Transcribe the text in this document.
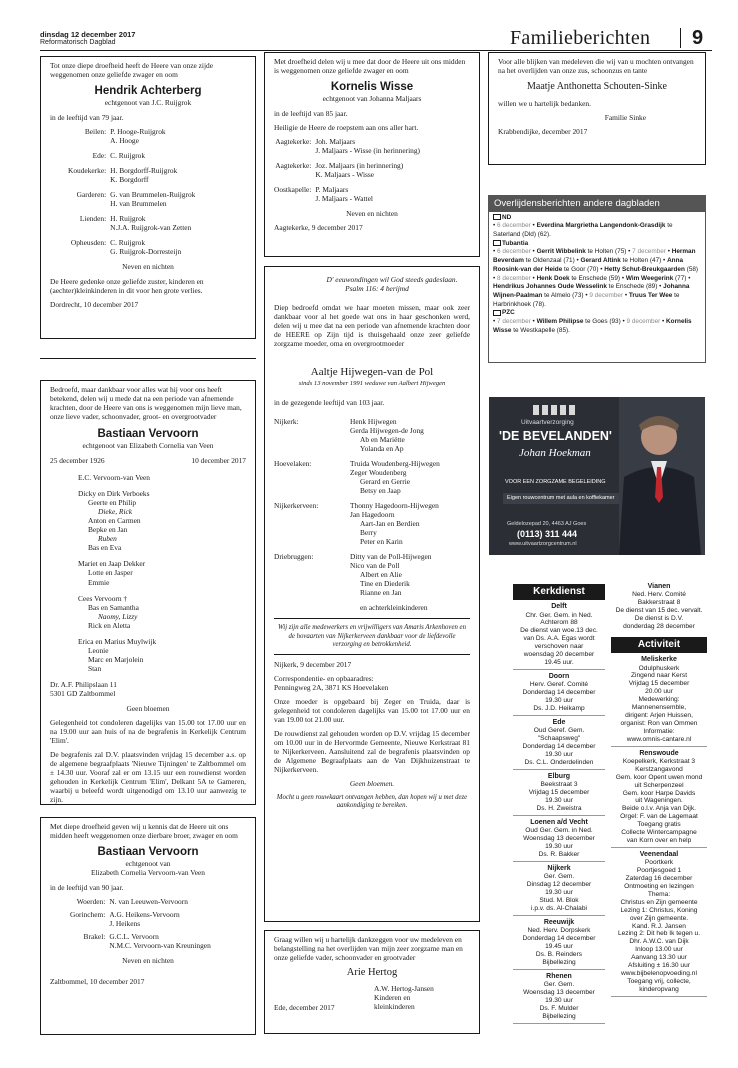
dinsdag 12 december 2017
Reformatorisch Dagblad	Familieberichten 9
Tot onze diepe droefheid heeft de Heere van onze zijde weggenomen onze geliefde zwager en oom
Hendrik Achterberg
echtgenoot van J.C. Ruijgrok
in de leeftijd van 79 jaar.
Beilen:	P. Hooge-Ruijgrok
A. Hooge

Ede:	C. Ruijgrok

Koudekerke:	H. Borgdorff-Ruijgrok
K. Borgdorff

Garderen:	G. van Brummelen-Ruijgrok
H. van Brummelen

Lienden:	H. Ruijgrok
N.J.A. Ruijgrok-van Zetten

Opheusden:	C. Ruijgrok
G. Ruijgrok-Dorresteijn
Neven en nichten
De Heere gedenke onze geliefde zuster, kinderen en (aechter)kleinkinderen in dit voor hen grote verlies.
Dordrecht, 10 december 2017
Met droefheid delen wij u mee dat door de Heere uit ons midden is weggenomen onze geliefde zwager en oom
Kornelis Wisse
echtgenoot van Johanna Maljaars
in de leeftijd van 85 jaar.
Heiligie de Heere de roepstem aan ons aller hart.
Aagtekerke:	Joh. Maljaars
J. Maljaars - Wisse (in herinnering)

Aagtekerke:	Joz. Maljaars (in herinnering)
K. Maljaars - Wisse

Oostkapelle:	P. Maljaars
J. Maljaars - Wattel
Neven en nichten
Aagtekerke, 9 december 2017
Voor alle blijken van medeleven die wij van u mochten ontvangen na het overlijden van onze zus, schoonzus en tante
Maatje Anthonetta Schouten-Sinke
willen we u hartelijk bedanken.
Familie Sinke
Krabbendijke, december 2017
Overlijdensberichten andere dagbladen
ND
• 6 december • Everdina Margrietha Langendonk-Grasdijk te Saterland (Dld) (62).
Tubantia
• 6 december • Gerrit Wibbelink te Holten (75) • 7 december • Herman Beverdam te Oldenzaal (71) • Gerard Altink te Holten (47) • Anna Roosink-van der Heide te Goor (70) • Hetty Schut-Breukgaarden (58) • 8 december • Henk Doek te Enschede (59) • Wim Weegerink (77) • Hendrikus Johannes Oude Wesselink te Enschede (89) • Johanna Wijnen-Paalman te Almelo (73) • 9 december • Truus Ter Wee te Harbrinkhoek (78).
PZC
• 7 december • Willem Philipse te Goes (93) • 9 december • Kornelis Wisse te Westkapelle (85).
Uitvaartverzorging
'DE BEVELANDEN'
Johan Hoekman
VOOR EEN ZORGZAME BEGELEIDING
Eigen rouwcentrum met aula en koffiekamer
Geldelozepad 20, 4463 AJ Goes
(0113) 311 444
www.uitvaartzorgcentrum.nl
Bedroefd, maar dankbaar voor alles wat hij voor ons heeft betekend, delen wij u mede dat na een periode van afnemende krachten, door de Heere van ons is weggenomen mijn lieve man, onze lieve vader, schoonvader, groot- en overgrootvader
Bastiaan Vervoorn
echtgenoot van Elizabeth Cornelia van Veen
25 december 1926	10 december 2017
E.C. Vervoorn-van Veen
Dicky en Dirk Verboeks
Geerte en Philip
Dieke, Rick
Anton en Carmen
Bepke en Jan
Ruben
Bas en Eva
Mariet en Jaap Dekker
Lotte en Jasper
Emmie
Cees Vervoorn †
Bas en Samantha
Naomy, Lizzy
Rick en Aletta
Erica en Marius Muylwijk
Leonie
Marc en Marjolein
Stan
Dr. A.F. Philipslaan 11
5301 GD Zaltbommel
Geen bloemen
Gelegenheid tot condoleren dagelijks van 15.00 tot 17.00 uur en na 19.00 uur aan huis of na de begrafenis in Kerkelijk Centrum 'Elim'.
De begrafenis zal D.V. plaatsvinden vrijdag 15 december a.s. op de algemene begraafplaats 'Nieuwe Tijningen' te Zaltbommel om ± 14.30 uur. Vooraf zal er om 13.15 uur een rouwdienst worden gehouden in Kerkelijk Centrum 'Elim', Delkant 5A te Gameren, waarbij u beleefd wordt uitgenodigd om 13.10 uur aanwezig te zijn.
Met diepe droefheid geven wij u kennis dat de Heere uit ons midden heeft weggenomen onze dierbare broer, zwager en oom
Bastiaan Vervoorn
echtgenoot van
Elizabeth Cornelia Vervoorn-van Veen
in de leeftijd van 90 jaar.
Woerden:	N. van Leeuwen-Vervoorn

Gorinchem:	A.G. Heikens-Vervoorn
J. Heikens

Brakel:	G.C.L. Vervoorn
N.M.C. Vervoorn-van Kreuningen
Neven en nichten
Zaltbommel, 10 december 2017
D' eeuwondingen wil God steeds gadeslaan.
Psalm 116: 4 berijmd
Diep bedroefd omdat we haar moeten missen, maar ook zeer dankbaar voor al het goede wat ons in haar geschonken werd, delen wij u mee dat na een periode van afnemende krachten door de HEERE op Zijn tijd is thuisgehaald onze zeer geliefde zorgzame moeder, oma en overgrootmoeder
Aaltje Hijwegen-van de Pol
sinds 13 november 1991 weduwe van Aalbert Hijwegen
in de gezegende leeftijd van 103 jaar.
Nijkerk:	Henk Hijwegen
Gerda Hijwegen-de Jong
Ab en Mariëtte
Yolanda en Ap

Hoevelaken:	Truida Woudenberg-Hijwegen
Zeger Woudenberg
Gerard en Gerrie
Betsy en Jaap

Nijkerkerveen:	Thonny Hagedoorn-Hijwegen
Jan Hagedoorn
Aart-Jan en Berdien
Berry
Peter en Karin

Driebruggen:	Ditty van de Poll-Hijwegen
Nico van de Poll
Albert en Alie
Tine en Diederik
Rianne en Jan
en achterkleinkinderen
Wij zijn alle medewerkers en vrijwilligers van Amaris Arkenhoven en de hovaarten van Nijkerkerveen dankbaar voor de liefdevolle verzorging en betrokkenheid.
Nijkerk, 9 december 2017
Correspondentie- en opbaaradres:
Penningweg 2A, 3871 KS Hoevelaken
Onze moeder is opgebaard bij Zeger en Truida, daar is gelegenheid tot condoleren dagelijks van 15.00 tot 17.00 uur en van 19.00 tot 21.00 uur.
De rouwdienst zal gehouden worden op D.V. vrijdag 15 december om 10.00 uur in de Hervormde Gemeente, Nieuwe Kerkstraat 81 te Nijkerkerveen. Aansluitend zal de begrafenis plaatsvinden op de Algemene Begraafplaats aan de Van Dijkhuizenstraat te Nijkerkerveen.
Geen bloemen.
Mocht u geen rouwkaart ontvangen hebben, dan hopen wij u met deze aankondiging te bereiken.
Graag willen wij u hartelijk dankzeggen voor uw medeleven en belangstelling na het overlijden van mijn zeer zorgzame man en onze geliefde vader, schoonvader en grootvader
Arie Hertog
A.W. Hertog-Jansen
Kinderen en
kleinkinderen
Ede, december 2017
Kerkdienst
Delft
Chr. Ger. Gem. in Ned.
Achterom 88
De dienst van woe.13 dec.
van Ds. A.A. Egas wordt
verschoven naar
woensdag 20 december
19.45 uur.
Doorn
Herv. Geref. Comité
Donderdag 14 december
19.30 uur
Ds. J.D. Heikamp
Ede
Oud Geref. Gem.
"Schaapsweg"
Donderdag 14 december
19.30 uur
Ds. C.L. Onderdelinden
Elburg
Beekstraat 3
Vrijdag 15 december
19.30 uur
Ds. H. Zweistra
Loenen a/d Vecht
Oud Ger. Gem. in Ned.
Woensdag 13 december
19.30 uur
Ds. R. Bakker
Nijkerk
Ger. Gem.
Dinsdag 12 december
19.30 uur
Stud. M. Blok
i.p.v. ds. Al-Chalabi
Reeuwijk
Ned. Herv. Dorpskerk
Donderdag 14 december
19.45 uur
Ds. B. Reinders
Bijbellezing
Rhenen
Ger. Gem.
Woensdag 13 december
19.30 uur
Ds. F. Mulder
Bijbellezing
Vianen
Ned. Herv. Comité
Bakkerstraat 8
De dienst van 15 dec. vervalt.
De dienst is D.V.
donderdag 28 december
Activiteit
Meliskerke
Odulphuskerk
Zingend naar Kerst
Vrijdag 15 december
20.00 uur
Medewerking:
Mannenensemble,
dirigent: Arjen Huissen,
organist: Ron van Ommen
Informatie:
www.omnis-cantare.nl
Renswoude
Koepelkerk, Kerkstraat 3
Kerstzangavond
Gem. koor Opent uwen mond
uit Scherpenzeel
Gem. koor Harpe Davids
uit Wageningen.
Beide o.l.v. Anja van Dijk.
Orgel: F. van de Lagemaat
Toegang gratis
Collecte Wintercampagne
van Korn over en help
Veenendaal
Poortkerk
Poortjesgoed 1
Zaterdag 16 december
Ontmoeting en lezingen
Thema:
Christus en Zijn gemeente
Lezing 1: Christus, Koning
over Zijn gemeente.
Kand. R.J. Jansen
Lezing 2: Dit heb Ik tegen u.
Dhr. A.W.C. van Dijk
Inloop 13.00 uur
Aanvang 13.30 uur
Afsluiting ± 16.30 uur
www.bijbelenopvoeding.nl
Toegang vrij, collecte,
kinderopvang
